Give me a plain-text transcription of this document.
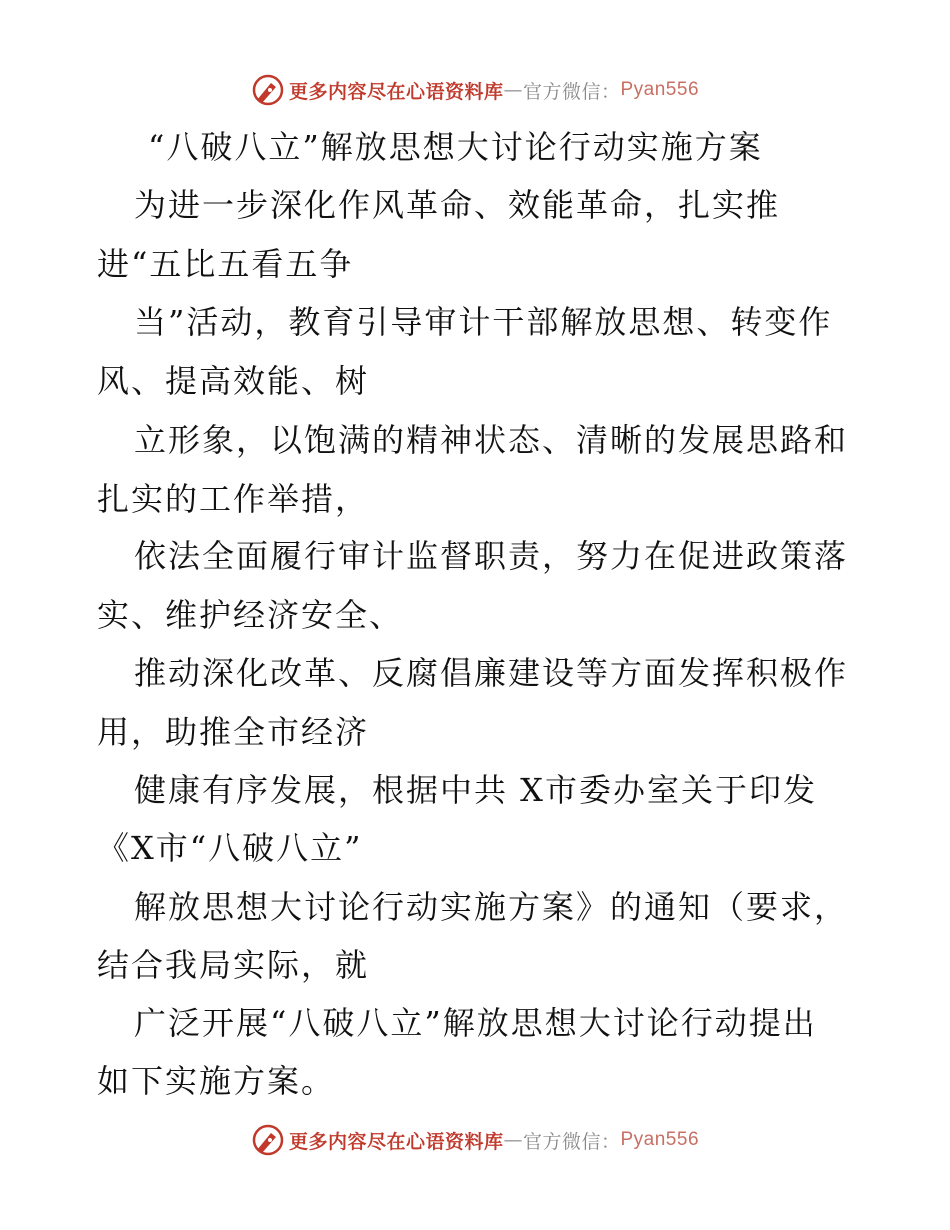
更多内容尽在心语资料库 — 官方微信： Pyan556
“八破八立”解放思想大讨论行动实施方案
为进一步深化作风革命、效能革命，扎实推
进“五比五看五争
当”活动，教育引导审计干部解放思想、转变作
风、提高效能、树
立形象，以饱满的精神状态、清晰的发展思路和
扎实的工作举措，
依法全面履行审计监督职责，努力在促进政策落
实、维护经济安全、
推动深化改革、反腐倡廉建设等方面发挥积极作
用，助推全市经济
健康有序发展，根据中共 X市委办室关于印发
《X市“八破八立”
解放思想大讨论行动实施方案》的通知（要求，
结合我局实际，就
广泛开展“八破八立”解放思想大讨论行动提出
如下实施方案。
更多内容尽在心语资料库 — 官方微信： Pyan556
